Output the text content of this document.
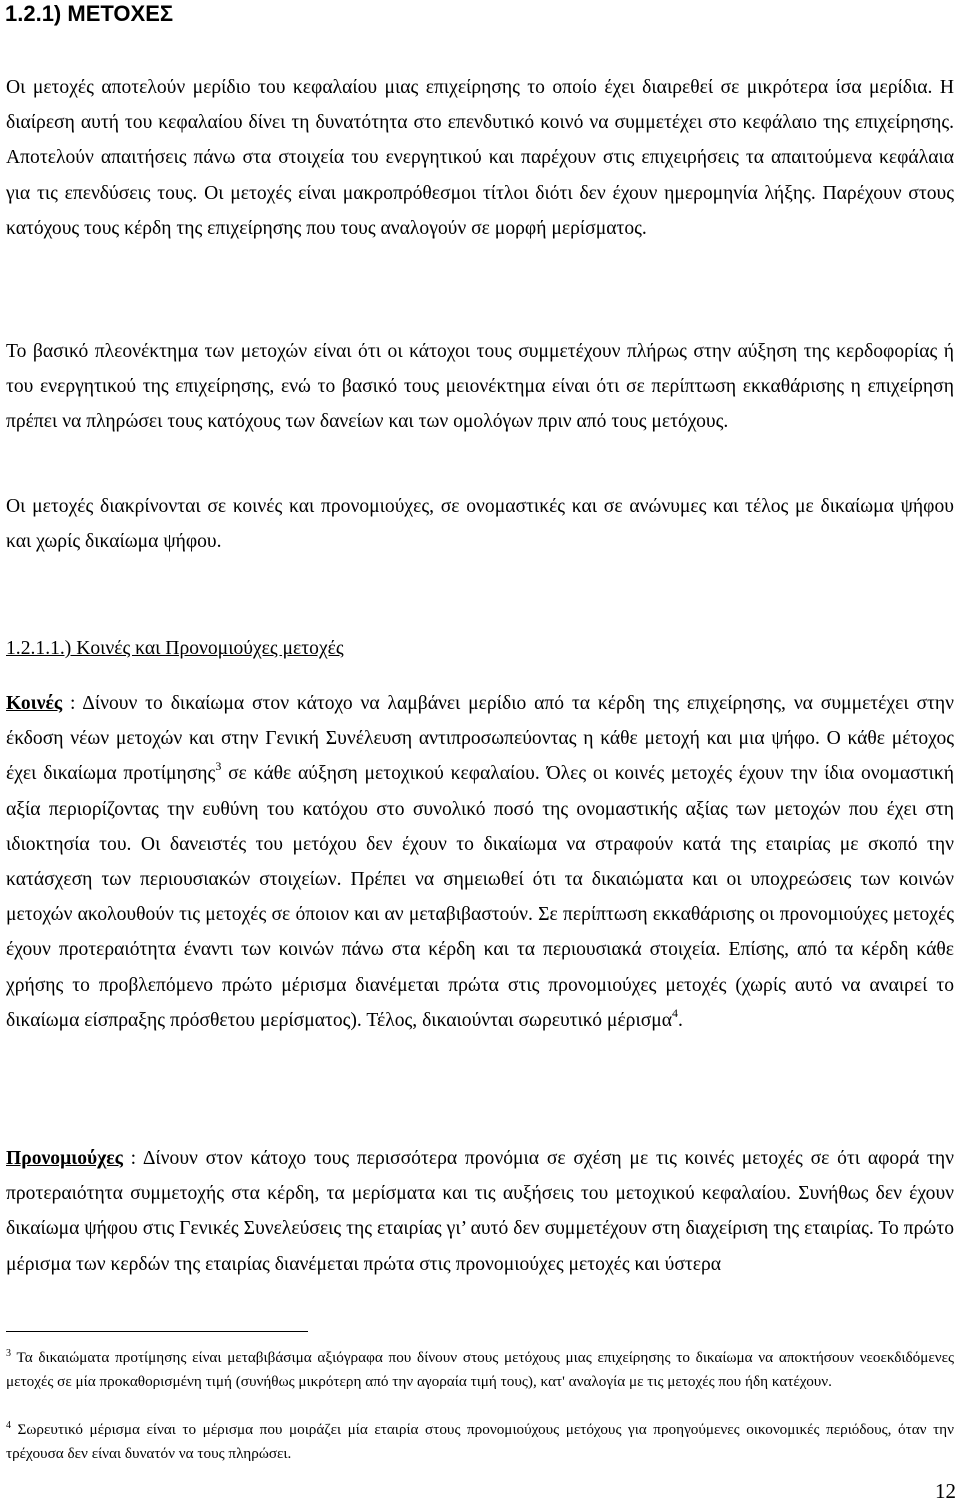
1.2.1) ΜΕΤΟΧΕΣ

Οι μετοχές αποτελούν μερίδιο του κεφαλαίου μιας επιχείρησης το οποίο έχει διαιρεθεί σε μικρότερα ίσα μερίδια. Η διαίρεση αυτή του κεφαλαίου δίνει τη δυνατότητα στο επενδυτικό κοινό να συμμετέχει στο κεφάλαιο της επιχείρησης. Αποτελούν απαιτήσεις πάνω στα στοιχεία του ενεργητικού και παρέχουν στις επιχειρήσεις τα απαιτούμενα κεφάλαια για τις επενδύσεις τους. Οι μετοχές είναι μακροπρόθεσμοι τίτλοι διότι δεν έχουν ημερομηνία λήξης. Παρέχουν στους κατόχους τους κέρδη της επιχείρησης που τους αναλογούν σε μορφή μερίσματος.

Το βασικό πλεονέκτημα των μετοχών είναι ότι οι κάτοχοι τους συμμετέχουν πλήρως στην αύξηση της κερδοφορίας ή του ενεργητικού της επιχείρησης, ενώ το βασικό τους μειονέκτημα είναι ότι σε περίπτωση εκκαθάρισης η επιχείρηση πρέπει να πληρώσει τους κατόχους των δανείων και των ομολόγων πριν από τους μετόχους.

Οι μετοχές διακρίνονται σε κοινές και προνομιούχες, σε ονομαστικές και σε ανώνυμες και τέλος με δικαίωμα ψήφου και χωρίς δικαίωμα ψήφου.

1.2.1.1.) Κοινές και Προνομιούχες μετοχές

Κοινές : Δίνουν το δικαίωμα στον κάτοχο να λαμβάνει μερίδιο από τα κέρδη της επιχείρησης, να συμμετέχει στην έκδοση νέων μετοχών και στην Γενική Συνέλευση αντιπροσωπεύοντας η κάθε μετοχή και μια ψήφο. Ο κάθε μέτοχος έχει δικαίωμα προτίμησης$^3$ σε κάθε αύξηση μετοχικού κεφαλαίου. Όλες οι κοινές μετοχές έχουν την ίδια ονομαστική αξία περιορίζοντας την ευθύνη του κατόχου στο συνολικό ποσό της ονομαστικής αξίας των μετοχών που έχει στη ιδιοκτησία του. Οι δανειστές του μετόχου δεν έχουν το δικαίωμα να στραφούν κατά της εταιρίας με σκοπό την κατάσχεση των περιουσιακών στοιχείων. Πρέπει να σημειωθεί ότι τα δικαιώματα και οι υποχρεώσεις των κοινών μετοχών ακολουθούν τις μετοχές σε όποιον και αν μεταβιβαστούν. Σε περίπτωση εκκαθάρισης οι προνομιούχες μετοχές έχουν προτεραιότητα έναντι των κοινών πάνω στα κέρδη και τα περιουσιακά στοιχεία. Επίσης, από τα κέρδη κάθε χρήσης το προβλεπόμενο πρώτο μέρισμα διανέμεται πρώτα στις προνομιούχες μετοχές (χωρίς αυτό να αναιρεί το δικαίωμα είσπραξης πρόσθετου μερίσματος). Τέλος, δικαιούνται σωρευτικό μέρισμα$^4$.

Προνομιούχες : Δίνουν στον κάτοχο τους περισσότερα προνόμια σε σχέση με τις κοινές μετοχές σε ότι αφορά την προτεραιότητα συμμετοχής στα κέρδη, τα μερίσματα και τις αυξήσεις του μετοχικού κεφαλαίου. Συνήθως δεν έχουν δικαίωμα ψήφου στις Γενικές Συνελεύσεις της εταιρίας γι’ αυτό δεν συμμετέχουν στη διαχείριση της εταιρίας. Το πρώτο μέρισμα των κερδών της εταιρίας διανέμεται πρώτα στις προνομιούχες μετοχές και ύστερα

$^3$ Τα δικαιώματα προτίμησης είναι μεταβιβάσιμα αξιόγραφα που δίνουν στους μετόχους μιας επιχείρησης το δικαίωμα να αποκτήσουν νεοεκδιδόμενες μετοχές σε μία προκαθορισμένη τιμή (συνήθως μικρότερη από την αγοραία τιμή τους), κατ' αναλογία με τις μετοχές που ήδη κατέχουν.

$^4$ Σωρευτικό μέρισμα είναι το μέρισμα που μοιράζει μία εταιρία στους προνομιούχους μετόχους για προηγούμενες οικονομικές περιόδους, όταν την τρέχουσα δεν είναι δυνατόν να τους πληρώσει.

12
